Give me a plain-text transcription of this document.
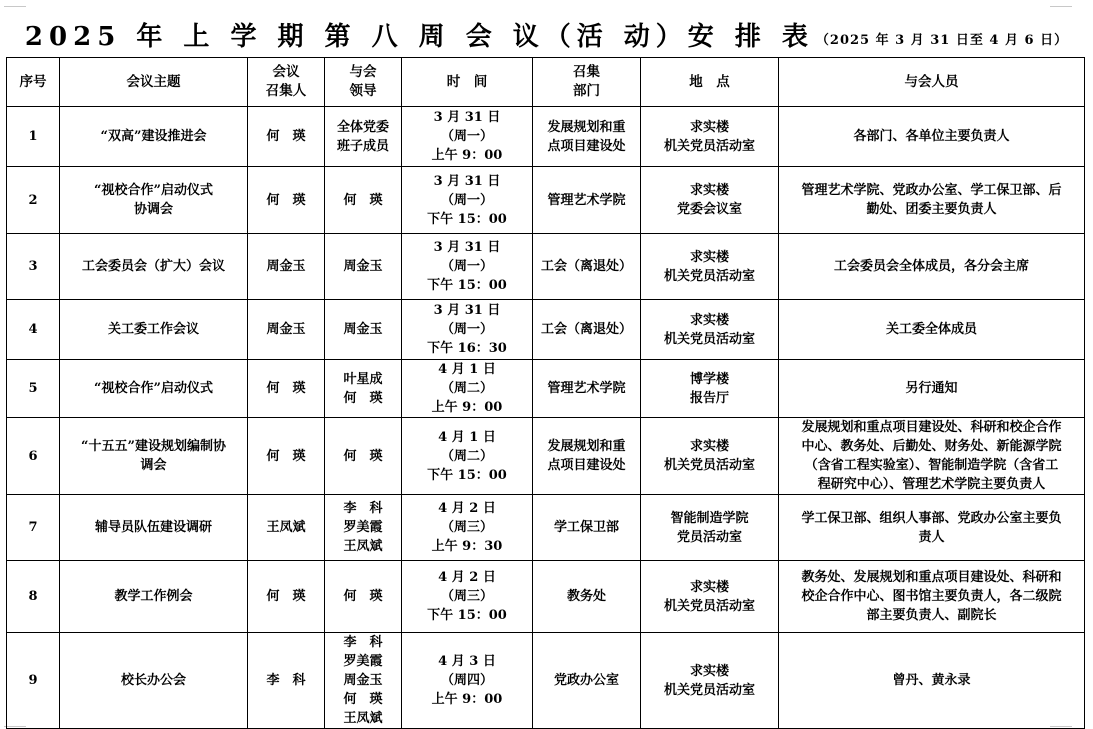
2025 年 上 学 期 第 八 周 会 议（活 动）安 排 表 （2025 年 3 月 31 日至 4 月 6 日）
序号	会议主题	会议
召集人	与会
领导	时　间	召集
部门	地　点	与会人员
1	“双高”建设推进会	何　瑛	全体党委
班子成员	3 月 31 日
（周一）
上午 9：00	发展规划和重
点项目建设处	求实楼
机关党员活动室	各部门、各单位主要负责人

2	“视校合作”启动仪式
协调会	何　瑛	何　瑛	3 月 31 日
（周一）
下午 15：00	管理艺术学院	求实楼
党委会议室	管理艺术学院、党政办公室、学工保卫部、后
勤处、团委主要负责人

3	工会委员会（扩大）会议	周金玉	周金玉	3 月 31 日
（周一）
下午 15：00	工会（离退处）	求实楼
机关党员活动室	工会委员会全体成员，各分会主席

4	关工委工作会议	周金玉	周金玉	3 月 31 日
（周一）
下午 16：30	工会（离退处）	求实楼
机关党员活动室	关工委全体成员

5	“视校合作”启动仪式	何　瑛	叶星成
何　瑛	4 月 1 日
（周二）
上午 9：00	管理艺术学院	博学楼
报告厅	另行通知

6	“十五五”建设规划编制协
调会	何　瑛	何　瑛	4 月 1 日
（周二）
下午 15：00	发展规划和重
点项目建设处	求实楼
机关党员活动室	发展规划和重点项目建设处、科研和校企合作
中心、教务处、后勤处、财务处、新能源学院
（含省工程实验室）、智能制造学院（含省工
程研究中心）、管理艺术学院主要负责人

7	辅导员队伍建设调研	王凤斌	李　科
罗美霞
王凤斌	4 月 2 日
（周三）
上午 9：30	学工保卫部	智能制造学院
党员活动室	学工保卫部、组织人事部、党政办公室主要负
责人

8	教学工作例会	何　瑛	何　瑛	4 月 2 日
（周三）
下午 15：00	教务处	求实楼
机关党员活动室	教务处、发展规划和重点项目建设处、科研和
校企合作中心、图书馆主要负责人，各二级院
部主要负责人、副院长

9	校长办公会	李　科	李　科
罗美霞
周金玉
何　瑛
王凤斌	4 月 3 日
（周四）
上午 9：00	党政办公室	求实楼
机关党员活动室	曾丹、黄永录
